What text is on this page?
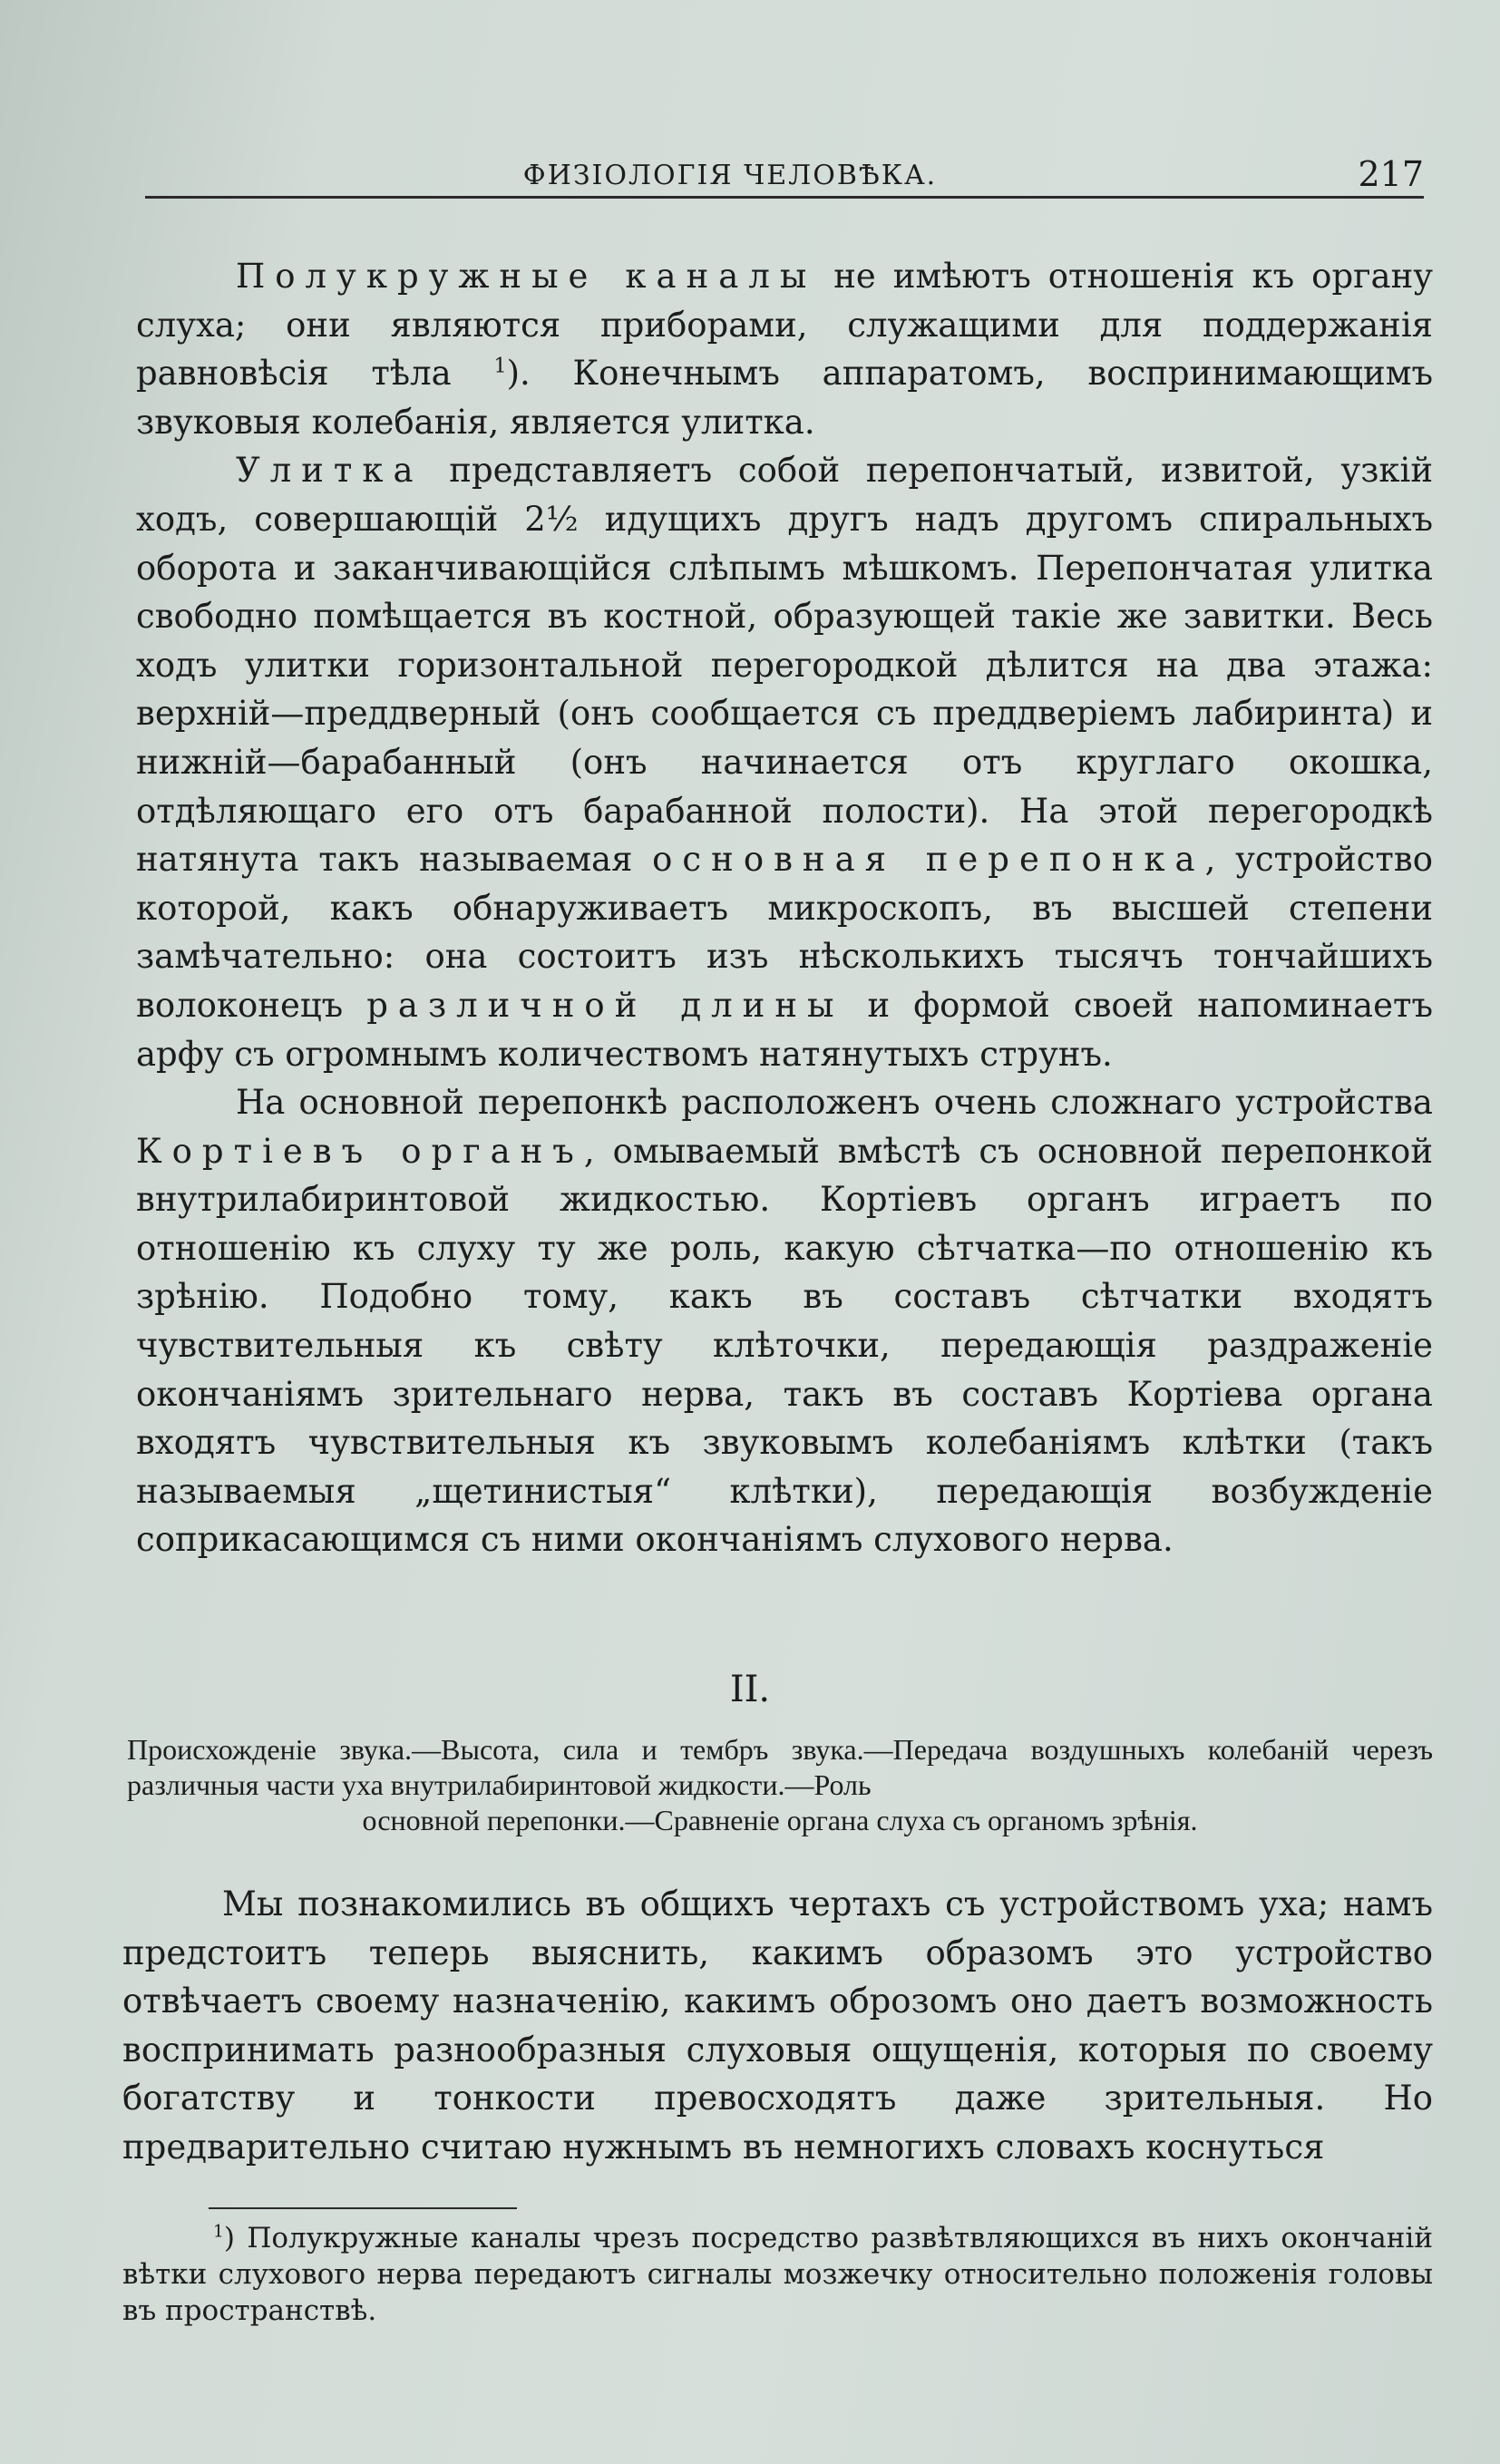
ФИЗІОЛОГІЯ ЧЕЛОВѢКА.	217

Полукружные каналы не имѣютъ отношенія къ органу слуха; они являются приборами, служащими для поддержанія равновѣсія тѣла $^1$). Конечнымъ аппаратомъ, воспринимающимъ звуковыя колебанія, является улитка.

Улитка представляетъ собой перепончатый, извитой, узкій ходъ, совершающій 2½ идущихъ другъ надъ другомъ спиральныхъ оборота и заканчивающійся слѣпымъ мѣшкомъ. Перепончатая улитка свободно помѣщается въ костной, образующей такіе же завитки. Весь ходъ улитки горизонтальной перегородкой дѣлится на два этажа: верхній—преддверный (онъ сообщается съ преддверіемъ лабиринта) и нижній—барабанный (онъ начинается отъ круглаго окошка, отдѣляющаго его отъ барабанной полости). На этой перегородкѣ натянута такъ называемая основная перепонка, устройство которой, какъ обнаруживаетъ микроскопъ, въ высшей степени замѣчательно: она состоитъ изъ нѣсколькихъ тысячъ тончайшихъ волоконецъ различной длины и формой своей напоминаетъ арфу съ огромнымъ количествомъ натянутыхъ струнъ.

На основной перепонкѣ расположенъ очень сложнаго устройства Кортіевъ органъ, омываемый вмѣстѣ съ основной перепонкой внутрилабиринтовой жидкостью. Кортіевъ органъ играетъ по отношенію къ слуху ту же роль, какую сѣтчатка—по отношенію къ зрѣнію. Подобно тому, какъ въ составъ сѣтчатки входятъ чувствительныя къ свѣту клѣточки, передающія раздраженіе окончаніямъ зрительнаго нерва, такъ въ составъ Кортіева органа входятъ чувствительныя къ звуковымъ колебаніямъ клѣтки (такъ называемыя „щетинистыя“ клѣтки), передающія возбужденіе соприкасающимся съ ними окончаніямъ слухового нерва.

II.
Происхожденіе звука.—Высота, сила и тембръ звука.—Передача воздушныхъ колебаній черезъ различныя части уха внутрилабиринтовой жидкости.—Роль
основной перепонки.—Сравненіе органа слуха съ органомъ зрѣнія.

Мы познакомились въ общихъ чертахъ съ устройствомъ уха; намъ предстоитъ теперь выяснить, какимъ образомъ это устройство отвѣчаетъ своему назначенію, какимъ оброзомъ оно даетъ возможность воспринимать разнообразныя слуховыя ощущенія, которыя по своему богатству и тонкости превосходятъ даже зрительныя. Но предварительно считаю нужнымъ въ немногихъ словахъ коснуться

$^1$) Полукружные каналы чрезъ посредство развѣтвляющихся въ нихъ окончаній вѣтки слухового нерва передаютъ сигналы мозжечку относительно положенія головы въ пространствѣ.
